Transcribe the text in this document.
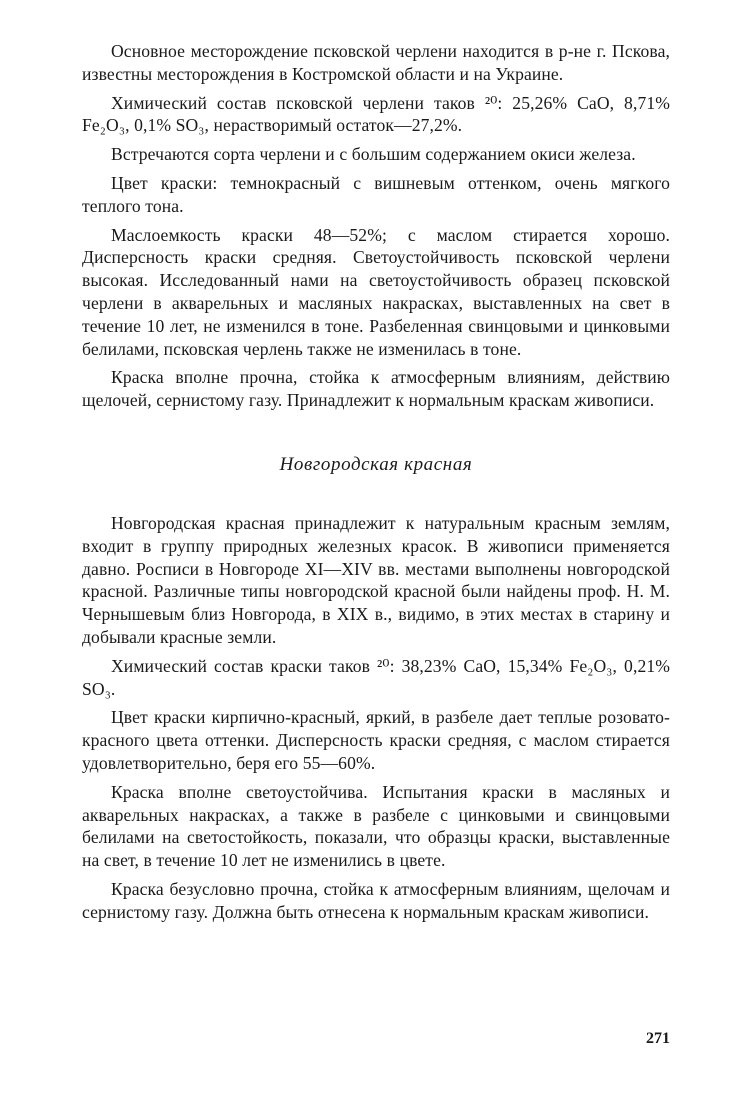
Основное месторождение псковской черлени находится в р-не г. Пскова, известны месторождения в Костромской области и на Украине.

Химический состав псковской черлени таков ²⁰: 25,26% CaO, 8,71% Fe₂O₃, 0,1% SO₃, нерастворимый остаток—27,2%.

Встречаются сорта черлени и с большим содержанием окиси железа.

Цвет краски: темнокрасный с вишневым оттенком, очень мягкого теплого тона.

Маслоемкость краски 48—52%; с маслом стирается хорошо. Дисперсность краски средняя. Светоустойчивость псковской черлени высокая. Исследованный нами на светоустойчивость образец псковской черлени в акварельных и масляных накрасках, выставленных на свет в течение 10 лет, не изменился в тоне. Разбеленная свинцовыми и цинковыми белилами, псковская черлень также не изменилась в тоне.

Краска вполне прочна, стойка к атмосферным влияниям, действию щелочей, сернистому газу. Принадлежит к нормальным краскам живописи.

Новгородская красная

Новгородская красная принадлежит к натуральным красным землям, входит в группу природных железных красок. В живописи применяется давно. Росписи в Новгороде XI—XIV вв. местами выполнены новгородской красной. Различные типы новгородской красной были найдены проф. Н. М. Чернышевым близ Новгорода, в XIX в., видимо, в этих местах в старину и добывали красные земли.

Химический состав краски таков ²⁰: 38,23% CaO, 15,34% Fe₂O₃, 0,21% SO₃.

Цвет краски кирпично-красный, яркий, в разбеле дает теплые розовато-красного цвета оттенки. Дисперсность краски средняя, с маслом стирается удовлетворительно, беря его 55—60%.

Краска вполне светоустойчива. Испытания краски в масляных и акварельных накрасках, а также в разбеле с цинковыми и свинцовыми белилами на светостойкость, показали, что образцы краски, выставленные на свет, в течение 10 лет не изменились в цвете.

Краска безусловно прочна, стойка к атмосферным влияниям, щелочам и сернистому газу. Должна быть отнесена к нормальным краскам живописи.

271
